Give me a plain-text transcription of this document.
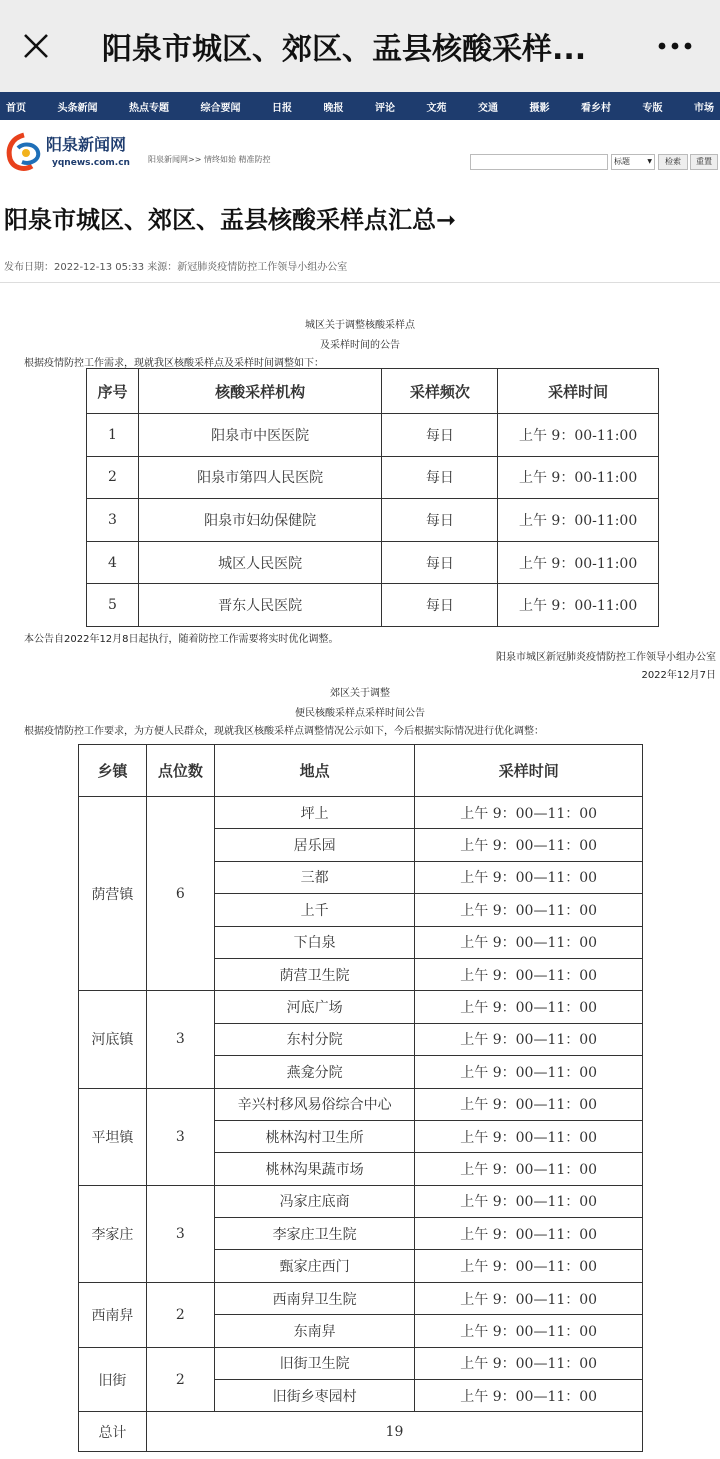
阳泉市城区、郊区、盂县核酸采样...
首页	头条新闻	热点专题	综合要闻	日报	晚报	评论	文苑	交通	摄影	看乡村	专版	市场
阳泉新闻网
yqnews.com.cn 阳泉新闻网>> 情终如始 精准防控	标题 ▼	检索	重置
阳泉市城区、郊区、盂县核酸采样点汇总➞
发布日期：2022-12-13 05:33 来源：新冠肺炎疫情防控工作领导小组办公室
城区关于调整核酸采样点
及采样时间的公告
根据疫情防控工作需求，现就我区核酸采样点及采样时间调整如下：
序号	核酸采样机构	采样频次	采样时间
1	阳泉市中医医院	每日	上午 9：00-11:00
2	阳泉市第四人民医院	每日	上午 9：00-11:00
3	阳泉市妇幼保健院	每日	上午 9：00-11:00
4	城区人民医院	每日	上午 9：00-11:00
5	晋东人民医院	每日	上午 9：00-11:00
本公告自2022年12月8日起执行，随着防控工作需要将实时优化调整。
阳泉市城区新冠肺炎疫情防控工作领导小组办公室
2022年12月7日
郊区关于调整
便民核酸采样点采样时间公告
根据疫情防控工作要求，为方便人民群众，现就我区核酸采样点调整情况公示如下，今后根据实际情况进行优化调整：
乡镇	点位数	地点	采样时间
荫营镇	6	坪上	上午 9：00—11：00
		居乐园	上午 9：00—11：00
		三都	上午 9：00—11：00
		上千	上午 9：00—11：00
		下白泉	上午 9：00—11：00
		荫营卫生院	上午 9：00—11：00
河底镇	3	河底广场	上午 9：00—11：00
		东村分院	上午 9：00—11：00
		燕龛分院	上午 9：00—11：00
平坦镇	3	辛兴村移风易俗综合中心	上午 9：00—11：00
		桃林沟村卫生所	上午 9：00—11：00
		桃林沟果蔬市场	上午 9：00—11：00
李家庄	3	冯家庄底商	上午 9：00—11：00
		李家庄卫生院	上午 9：00—11：00
		甄家庄西门	上午 9：00—11：00
西南舁	2	西南舁卫生院	上午 9：00—11：00
		东南舁	上午 9：00—11：00
旧街	2	旧街卫生院	上午 9：00—11：00
		旧街乡枣园村	上午 9：00—11：00
总计	19		
